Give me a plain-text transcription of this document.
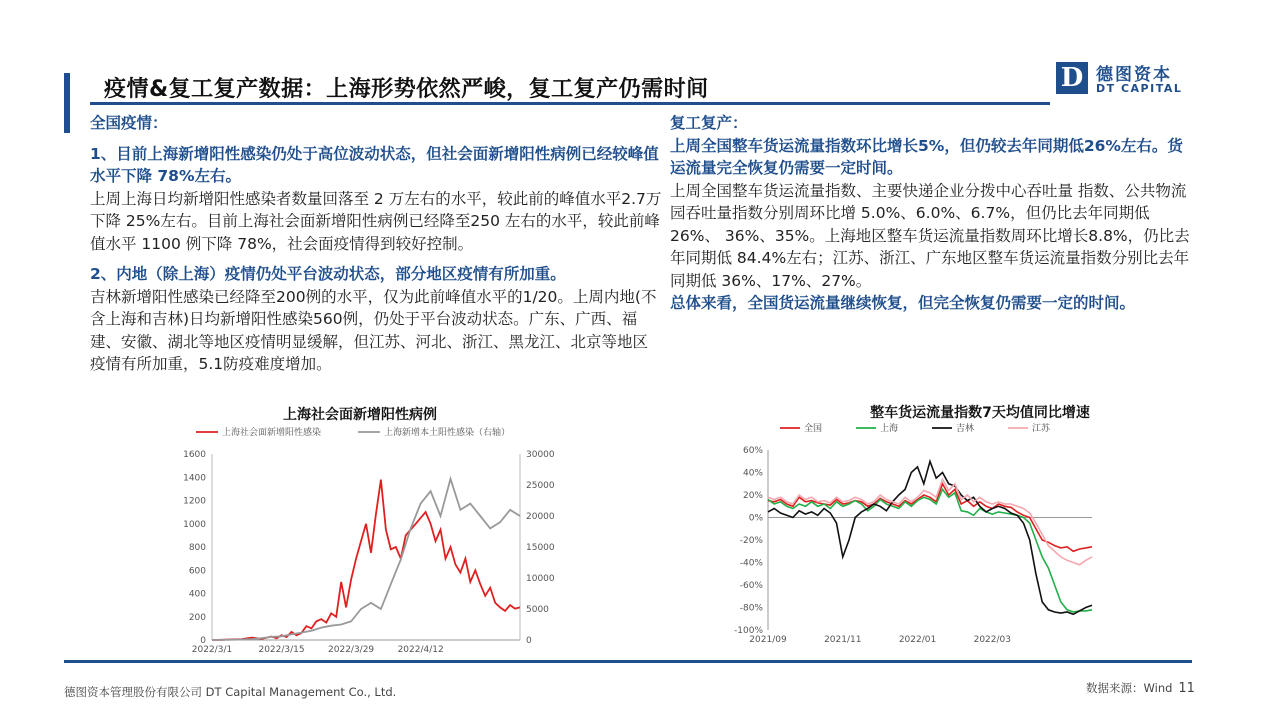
疫情&复工复产数据：上海形势依然严峻，复工复产仍需时间	D 德图资本
DT CAPITAL
全国疫情：
1、目前上海新增阳性感染仍处于高位波动状态，但社会面新增阳性病例已经较峰值 水平下降 78%左右。
上周上海日均新增阳性感染者数量回落至 2 万左右的水平，较此前的峰值水平2.7万下降 25%左右。目前上海社会面新增阳性病例已经降至250 左右的水平，较此前峰值水平 1100 例下降 78%，社会面疫情得到较好控制。
2、内地（除上海）疫情仍处平台波动状态，部分地区疫情有所加重。
吉林新增阳性感染已经降至200例的水平，仅为此前峰值水平的1/20。上周内地(不含上海和吉林)日均新增阳性感染560例，仍处于平台波动状态。广东、广西、福建、安徽、湖北等地区疫情明显缓解，但江苏、河北、浙江、黑龙江、北京等地区疫情有所加重，5.1防疫难度增加。
复工复产：
上周全国整车货运流量指数环比增长5%，但仍较去年同期低26%左右。货运流量完全恢复仍需要一定时间。
上周全国整车货运流量指数、主要快递企业分拨中心吞吐量 指数、公共物流园吞吐量指数分别周环比增 5.0%、6.0%、6.7%，但仍比去年同期低 26%、 36%、35%。上海地区整车货运流量指数周环比增长8.8%，仍比去年同期低 84.4%左右；江苏、浙江、广东地区整车货运流量指数分别比去年同期低 36%、17%、27%。
总体来看，全国货运流量继续恢复，但完全恢复仍需要一定的时间。
上海社会面新增阳性病例
0
200
400
600
800
1000
1200
1400
1600
0
5000
10000
15000
20000
25000
30000
2022/3/1	2022/3/15	2022/3/29	2022/4/12
上海社会面新增阳性感染	上海新增本土阳性感染（右轴）
整车货运流量指数7天均值同比增速
-100%
-80%
-60%
-40%
-20%
0%
20%
40%
60%
2021/09	2021/11	2022/01	2022/03
全国	上海	吉林	江苏
德图资本管理股份有限公司 DT Capital Management Co., Ltd.	数据来源：Wind 11
